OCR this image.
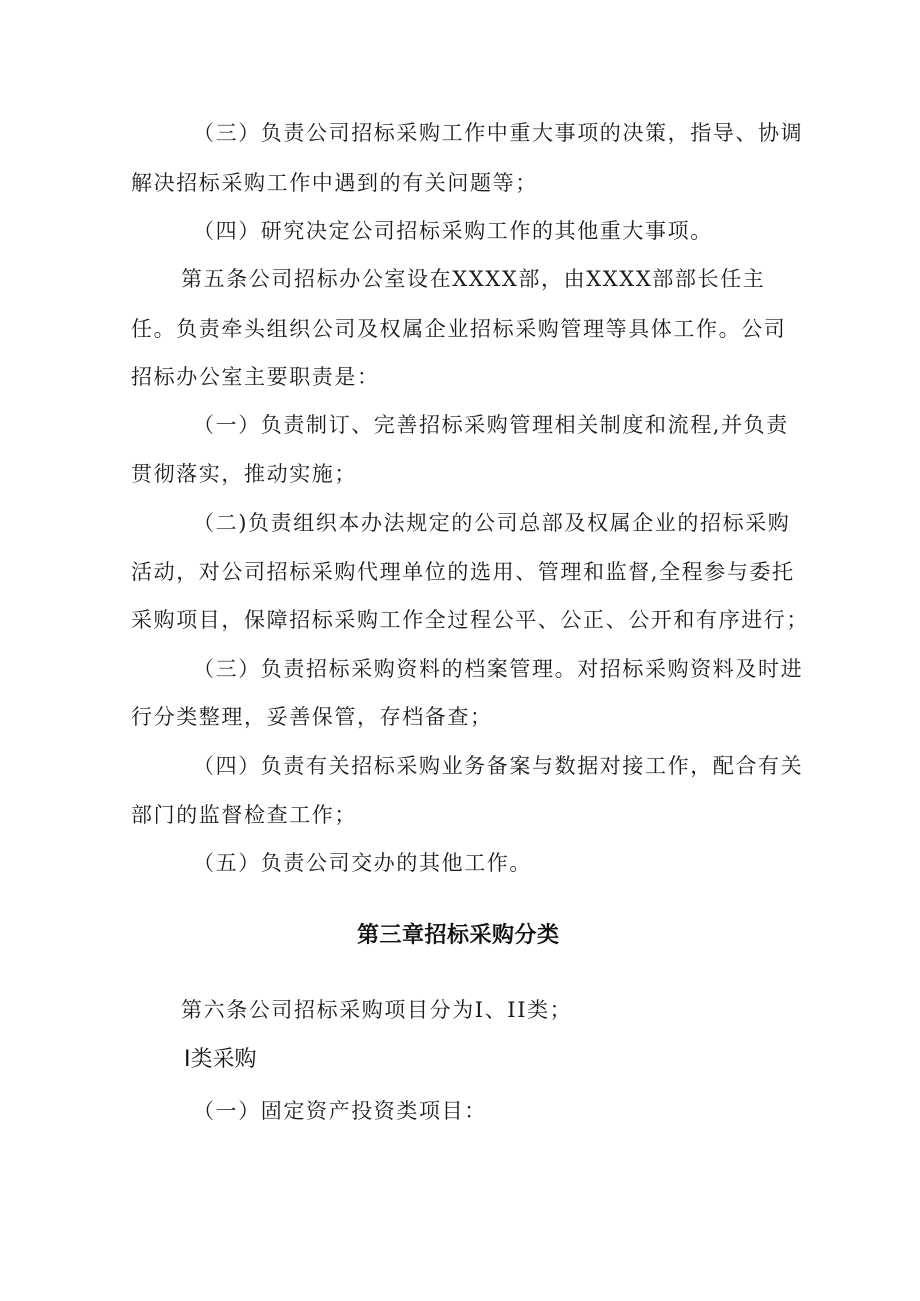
（三）负责公司招标采购工作中重大事项的决策，指导、协调
解决招标采购工作中遇到的有关问题等；
（四）研究决定公司招标采购工作的其他重大事项。
第五条公司招标办公室设在XXXX部，由XXXX部部长任主
任。负责牵头组织公司及权属企业招标采购管理等具体工作。公司
招标办公室主要职责是：
（一）负责制订、完善招标采购管理相关制度和流程,并负责
贯彻落实，推动实施；
（二)负责组织本办法规定的公司总部及权属企业的招标采购
活动，对公司招标采购代理单位的选用、管理和监督,全程参与委托
采购项目，保障招标采购工作全过程公平、公正、公开和有序进行；
（三）负责招标采购资料的档案管理。对招标采购资料及时进
行分类整理，妥善保管，存档备查；
（四）负责有关招标采购业务备案与数据对接工作，配合有关
部门的监督检查工作；
（五）负责公司交办的其他工作。
第三章招标采购分类
第六条公司招标采购项目分为I、II类；
I类采购
（一）固定资产投资类项目：
